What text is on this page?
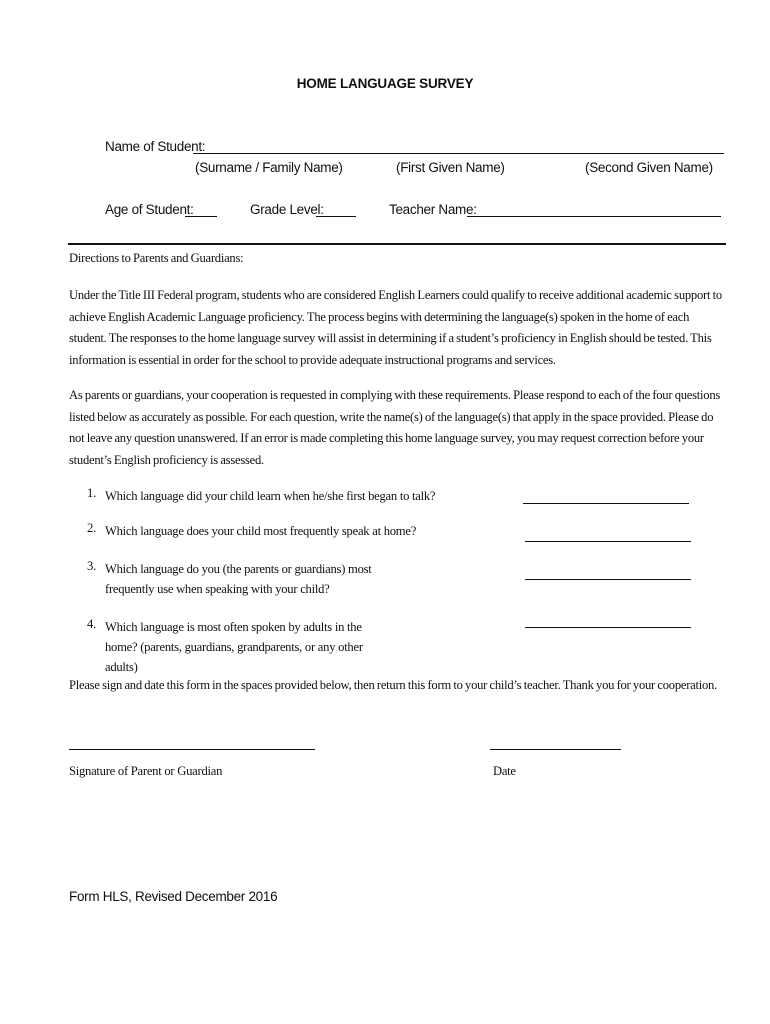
HOME LANGUAGE SURVEY
Name of Student:
(Surname / Family Name)	(First Given Name)	(Second Given Name)
Age of Student:	Grade Level:	Teacher Name:
Directions to Parents and Guardians:
Under the Title III Federal program, students who are considered English Learners could qualify to receive additional academic support to achieve English Academic Language proficiency. The process begins with determining the language(s) spoken in the home of each student. The responses to the home language survey will assist in determining if a student’s proficiency in English should be tested. This information is essential in order for the school to provide adequate instructional programs and services.
As parents or guardians, your cooperation is requested in complying with these requirements. Please respond to each of the four questions listed below as accurately as possible. For each question, write the name(s) of the language(s) that apply in the space provided. Please do not leave any question unanswered. If an error is made completing this home language survey, you may request correction before your student’s English proficiency is assessed.
1. Which language did your child learn when he/she first began to talk?
2. Which language does your child most frequently speak at home?
3. Which language do you (the parents or guardians) most frequently use when speaking with your child?
4. Which language is most often spoken by adults in the home? (parents, guardians, grandparents, or any other adults)
Please sign and date this form in the spaces provided below, then return this form to your child’s teacher. Thank you for your cooperation.
Signature of Parent or Guardian	Date
Form HLS, Revised December 2016
